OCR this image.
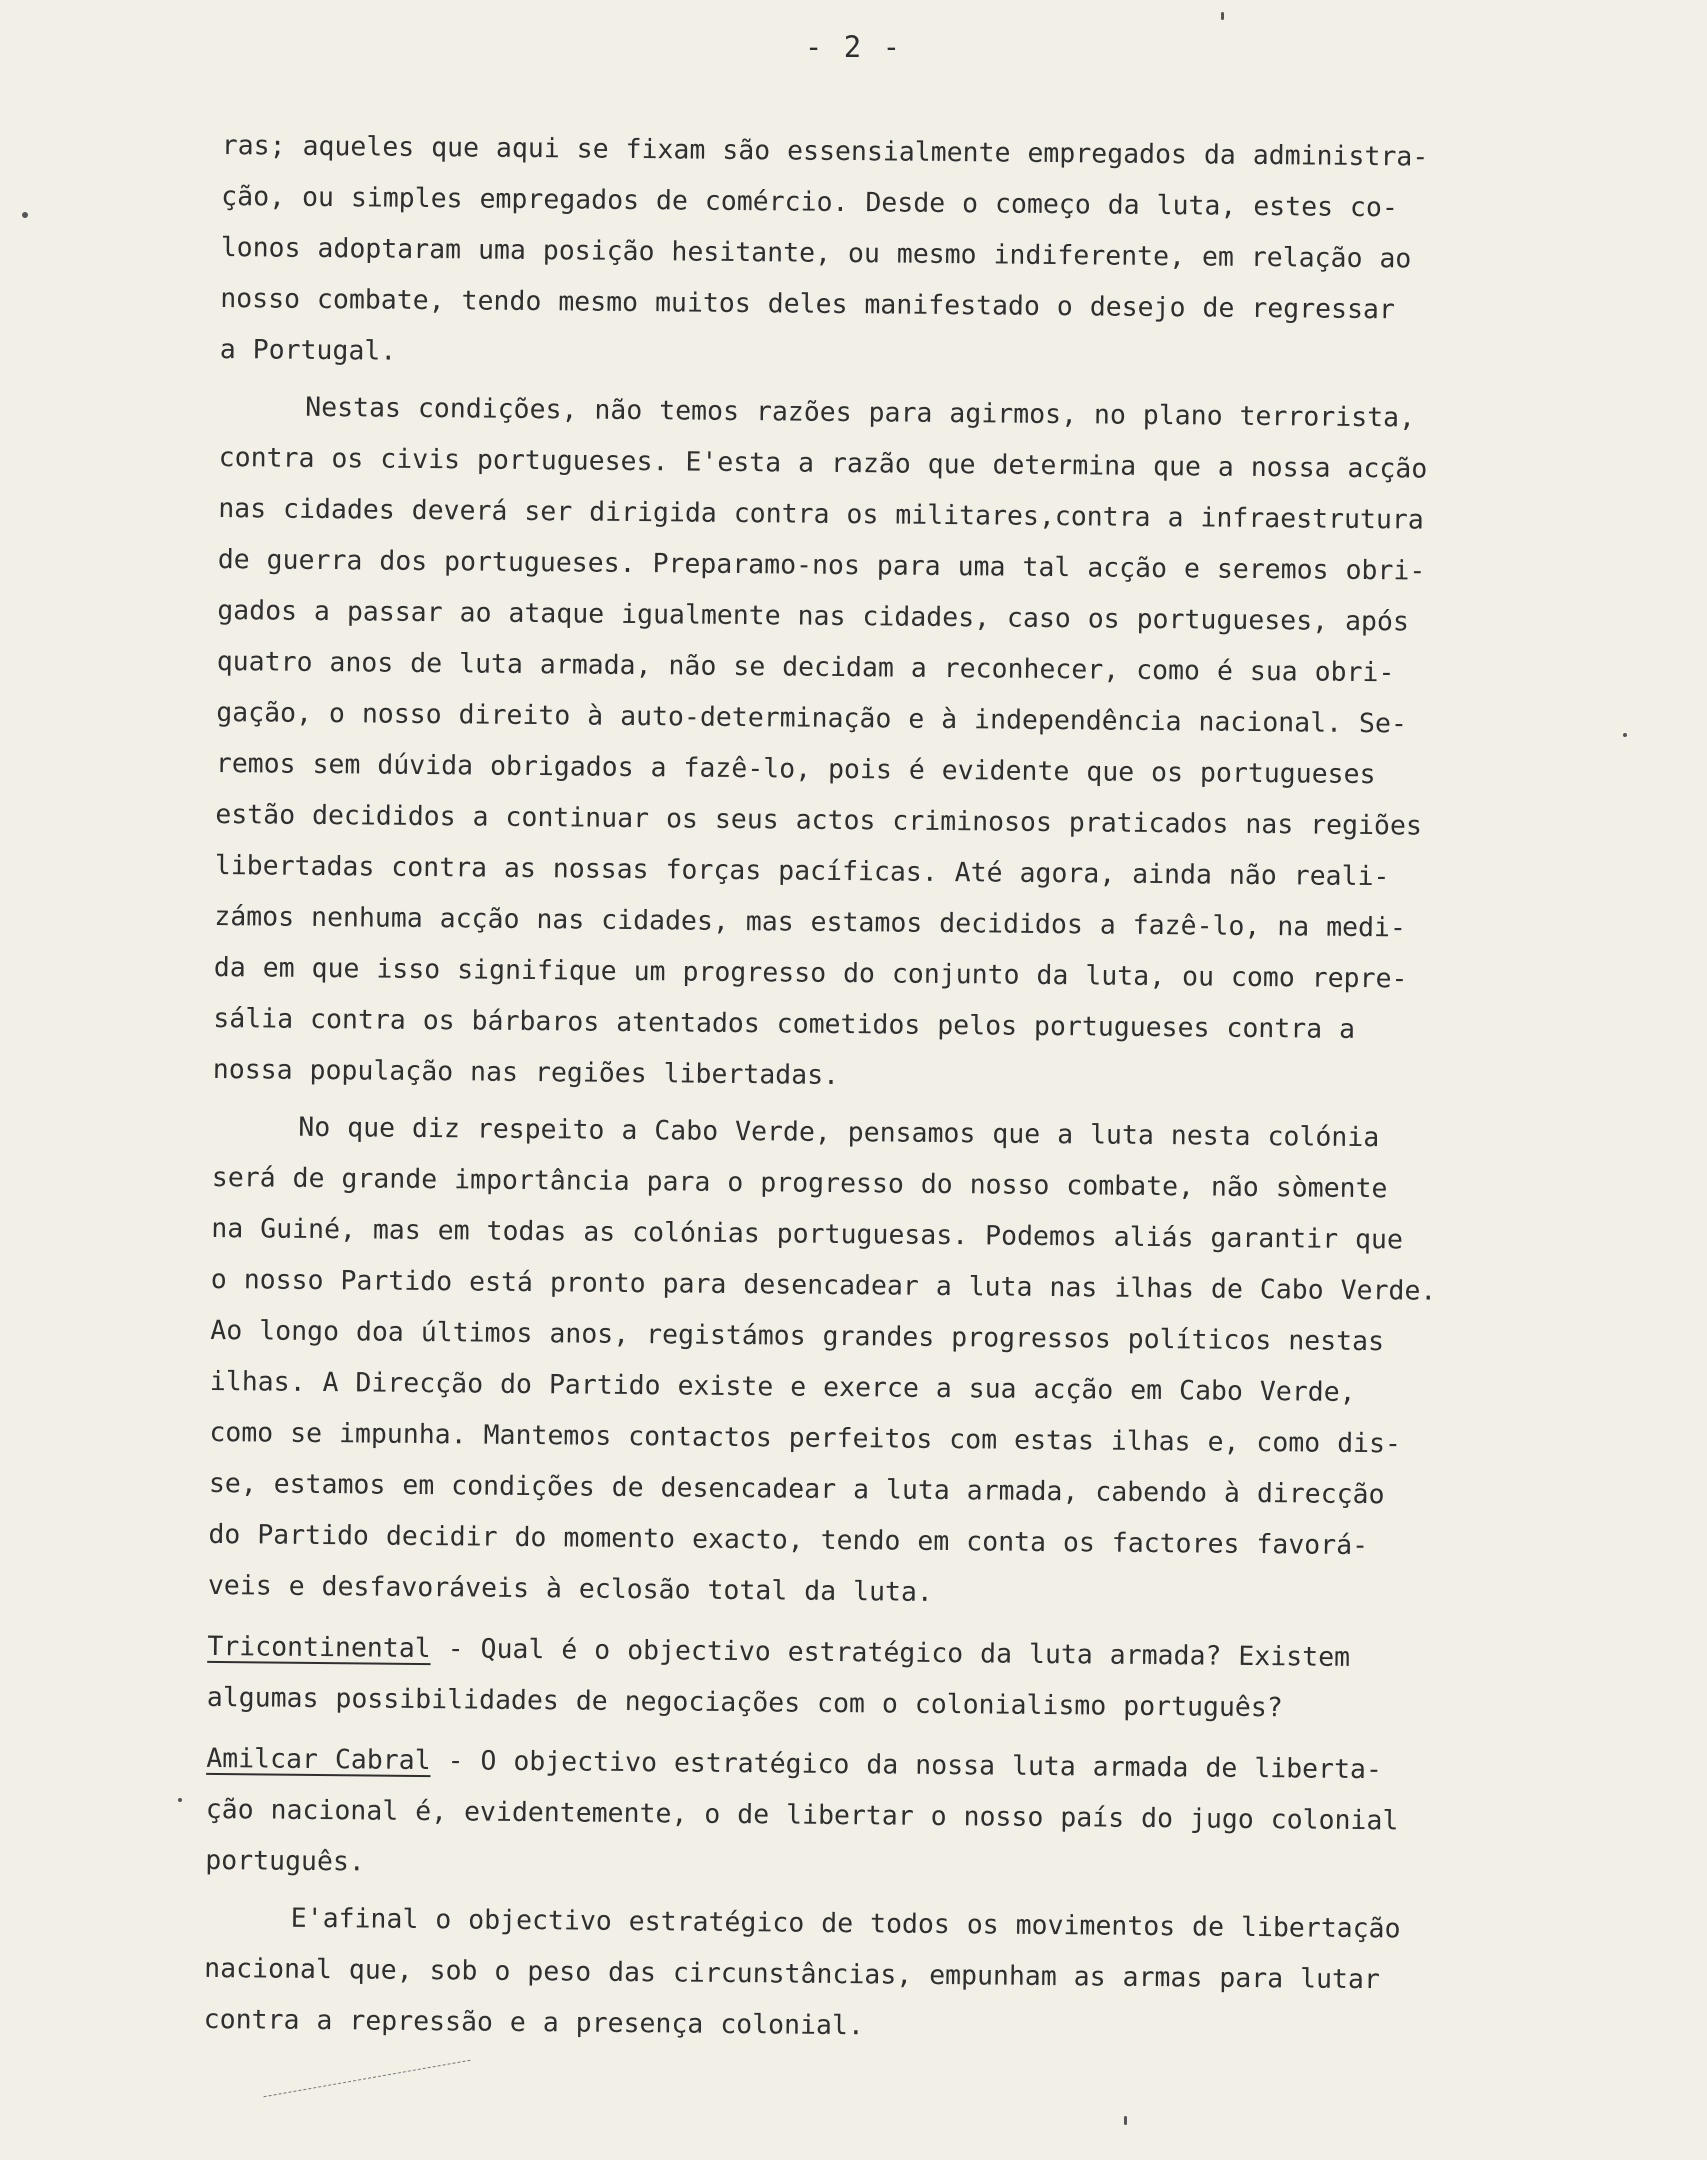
- 2 -
ras; aqueles que aqui se fixam são essensialmente empregados da administra-
ção, ou simples empregados de comércio. Desde o começo da luta, estes co-
lonos adoptaram uma posição hesitante, ou mesmo indiferente, em relação ao
nosso combate, tendo mesmo muitos deles manifestado o desejo de regressar
a Portugal.
Nestas condições, não temos razões para agirmos, no plano terrorista,
contra os civis portugueses. E'esta a razão que determina que a nossa acção
nas cidades deverá ser dirigida contra os militares,contra a infraestrutura
de guerra dos portugueses. Preparamo-nos para uma tal acção e seremos obri-
gados a passar ao ataque igualmente nas cidades, caso os portugueses, após
quatro anos de luta armada, não se decidam a reconhecer, como é sua obri-
gação, o nosso direito à auto-determinação e à independência nacional. Se-
remos sem dúvida obrigados a fazê-lo, pois é evidente que os portugueses
estão decididos a continuar os seus actos criminosos praticados nas regiões
libertadas contra as nossas forças pacíficas. Até agora, ainda não reali-
zámos nenhuma acção nas cidades, mas estamos decididos a fazê-lo, na medi-
da em que isso signifique um progresso do conjunto da luta, ou como repre-
sália contra os bárbaros atentados cometidos pelos portugueses contra a
nossa população nas regiões libertadas.
No que diz respeito a Cabo Verde, pensamos que a luta nesta colónia
será de grande importância para o progresso do nosso combate, não sòmente
na Guiné, mas em todas as colónias portuguesas. Podemos aliás garantir que
o nosso Partido está pronto para desencadear a luta nas ilhas de Cabo Verde.
Ao longo doa últimos anos, registámos grandes progressos políticos nestas
ilhas. A Direcção do Partido existe e exerce a sua acção em Cabo Verde,
como se impunha. Mantemos contactos perfeitos com estas ilhas e, como dis-
se, estamos em condições de desencadear a luta armada, cabendo à direcção
do Partido decidir do momento exacto, tendo em conta os factores favorá-
veis e desfavoráveis à eclosão total da luta.
Tricontinental - Qual é o objectivo estratégico da luta armada? Existem
algumas possibilidades de negociações com o colonialismo português?
Amilcar Cabral - O objectivo estratégico da nossa luta armada de liberta-
ção nacional é, evidentemente, o de libertar o nosso país do jugo colonial
português.
E'afinal o objectivo estratégico de todos os movimentos de libertação
nacional que, sob o peso das circunstâncias, empunham as armas para lutar
contra a repressão e a presença colonial.
